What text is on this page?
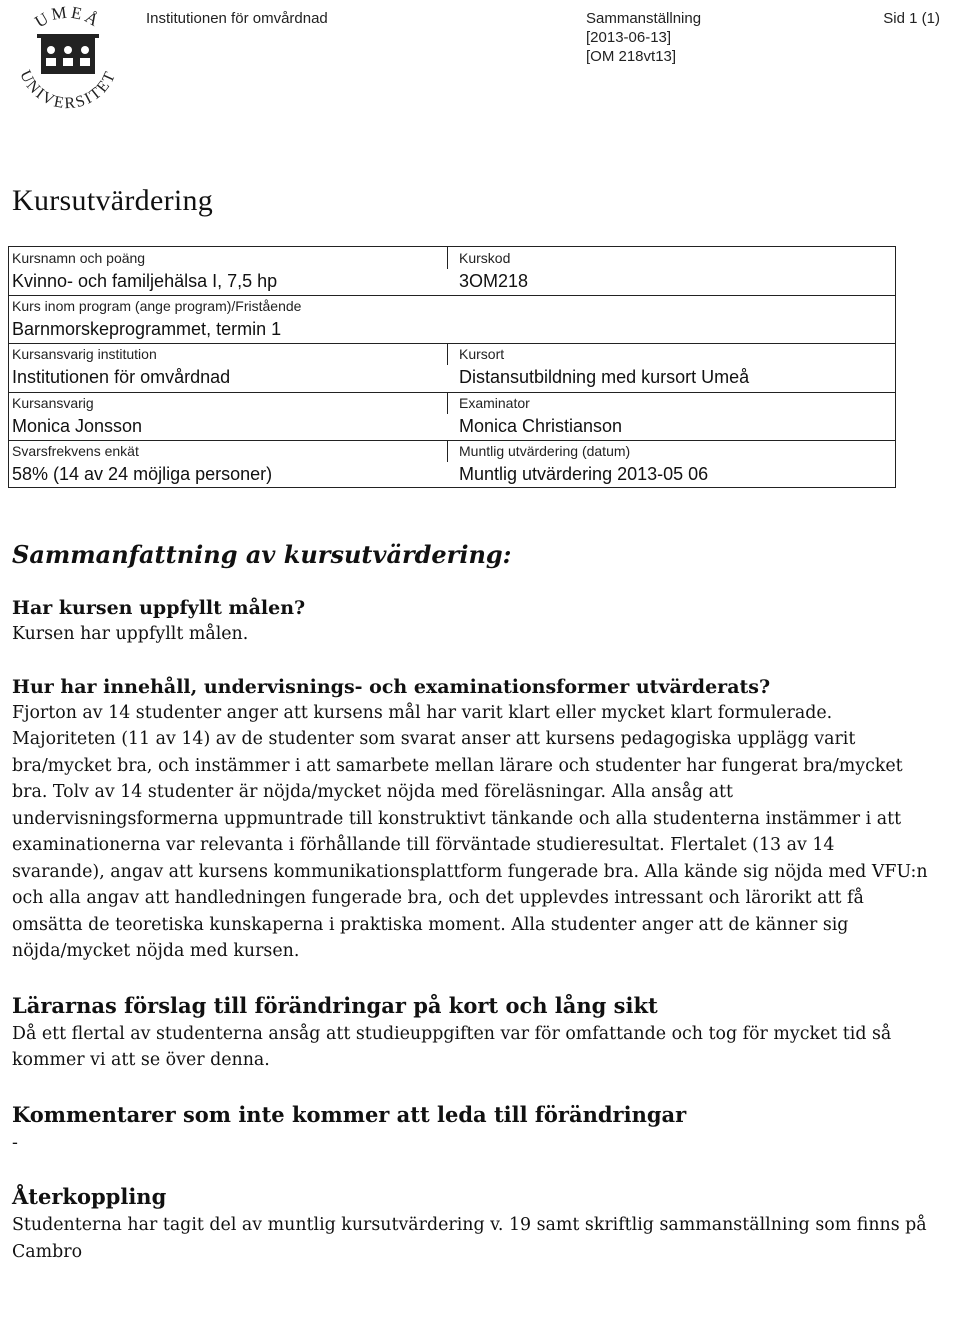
UMEÅ
UNIVERSITET
Institutionen för omvårdnad	Sammanställning
[2013-06-13]
[OM 218vt13]
Sid 1 (1)
Kursutvärdering
Kursnamn och poäng
Kvinno- och familjehälsa I, 7,5 hp
Kurskod
3OM218
Kurs inom program (ange program)/Fristående
Barnmorskeprogrammet, termin 1
Kursansvarig institution
Institutionen för omvårdnad
Kursort
Distansutbildning med kursort Umeå
Kursansvarig
Monica Jonsson
Examinator
Monica Christianson
Svarsfrekvens enkät
58% (14 av 24 möjliga personer)
Muntlig utvärdering (datum)
Muntlig utvärdering 2013-05 06
Sammanfattning av kursutvärdering:
Har kursen uppfyllt målen?

Kursen har uppfyllt målen.

Hur har innehåll, undervisnings- och examinationsformer utvärderats?

Fjorton av 14 studenter anger att kursens mål har varit klart eller mycket klart formulerade. Majoriteten (11 av 14) av de studenter som svarat anser att kursens pedagogiska upplägg varit bra/mycket bra, och instämmer i att samarbete mellan lärare och studenter har fungerat bra/mycket bra. Tolv av 14 studenter är nöjda/mycket nöjda med föreläsningar. Alla ansåg att undervisningsformerna uppmuntrade till konstruktivt tänkande och alla studenterna instämmer i att examinationerna var relevanta i förhållande till förväntade studieresultat. Flertalet (13 av 14 svarande), angav att kursens kommunikationsplattform fungerade bra. Alla kände sig nöjda med VFU:n och alla angav att handledningen fungerade bra, och det upplevdes intressant och lärorikt att få omsätta de teoretiska kunskaperna i praktiska moment. Alla studenter anger att de känner sig nöjda/mycket nöjda med kursen.

Lärarnas förslag till förändringar på kort och lång sikt

Då ett flertal av studenterna ansåg att studieuppgiften var för omfattande och tog för mycket tid så kommer vi att se över denna.

Kommentarer som inte kommer att leda till förändringar

-

Återkoppling

Studenterna har tagit del av muntlig kursutvärdering v. 19 samt skriftlig sammanställning som finns på Cambro
